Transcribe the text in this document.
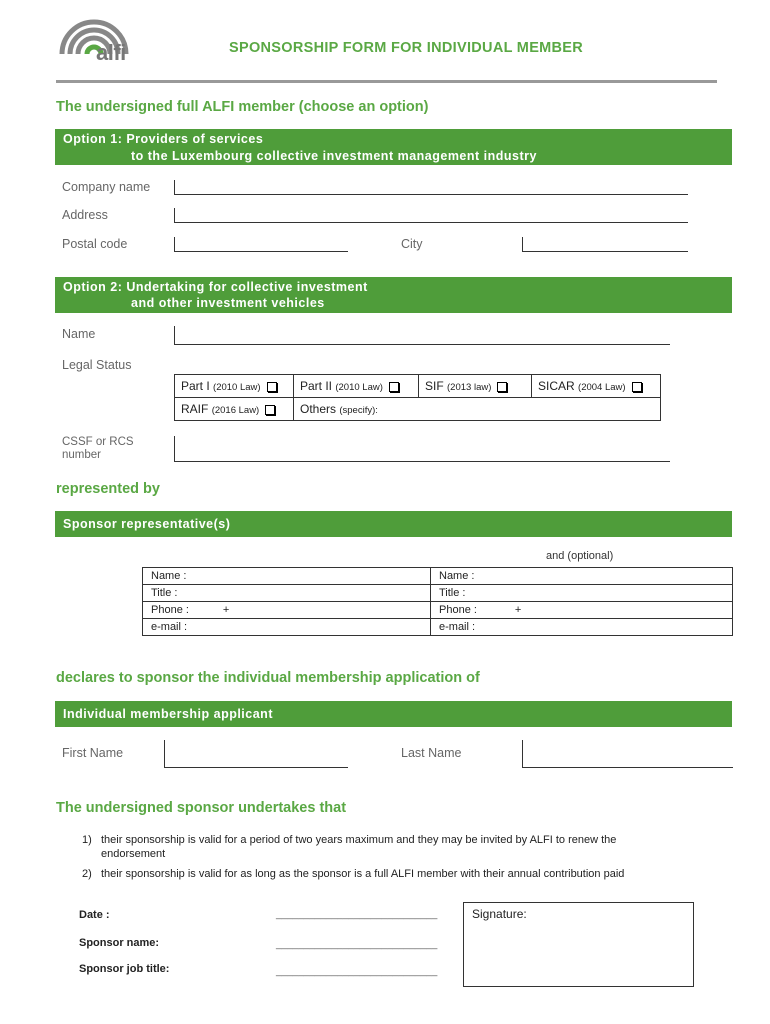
alfi	SPONSORSHIP FORM FOR INDIVIDUAL MEMBER
The undersigned full ALFI member (choose an option)
Option 1: Providers of services
to the Luxembourg collective investment management industry
Company name
Address
Postal code	City
Option 2: Undertaking for collective investment
and other investment vehicles
Name
Legal Status
Part I (2010 Law)	Part II (2010 Law)	SIF (2013 law)	SICAR (2004 Law)
RAIF (2016 Law)	Others (specify):		
CSSF or RCS
number
represented by
Sponsor representative(s)
and (optional)
Name :	Name :
Title :	Title :
Phone : +	Phone : +
e-mail :	e-mail :
declares to sponsor the individual membership application of
Individual membership applicant
First Name	Last Name
The undersigned sponsor undertakes that
1) their sponsorship is valid for a period of two years maximum and they may be invited by ALFI to renew the
endorsement
2) their sponsorship is valid for as long as the sponsor is a full ALFI member with their annual contribution paid
Date :	_____________________________
Sponsor name:	_____________________________
Sponsor job title:	_____________________________
Signature:
